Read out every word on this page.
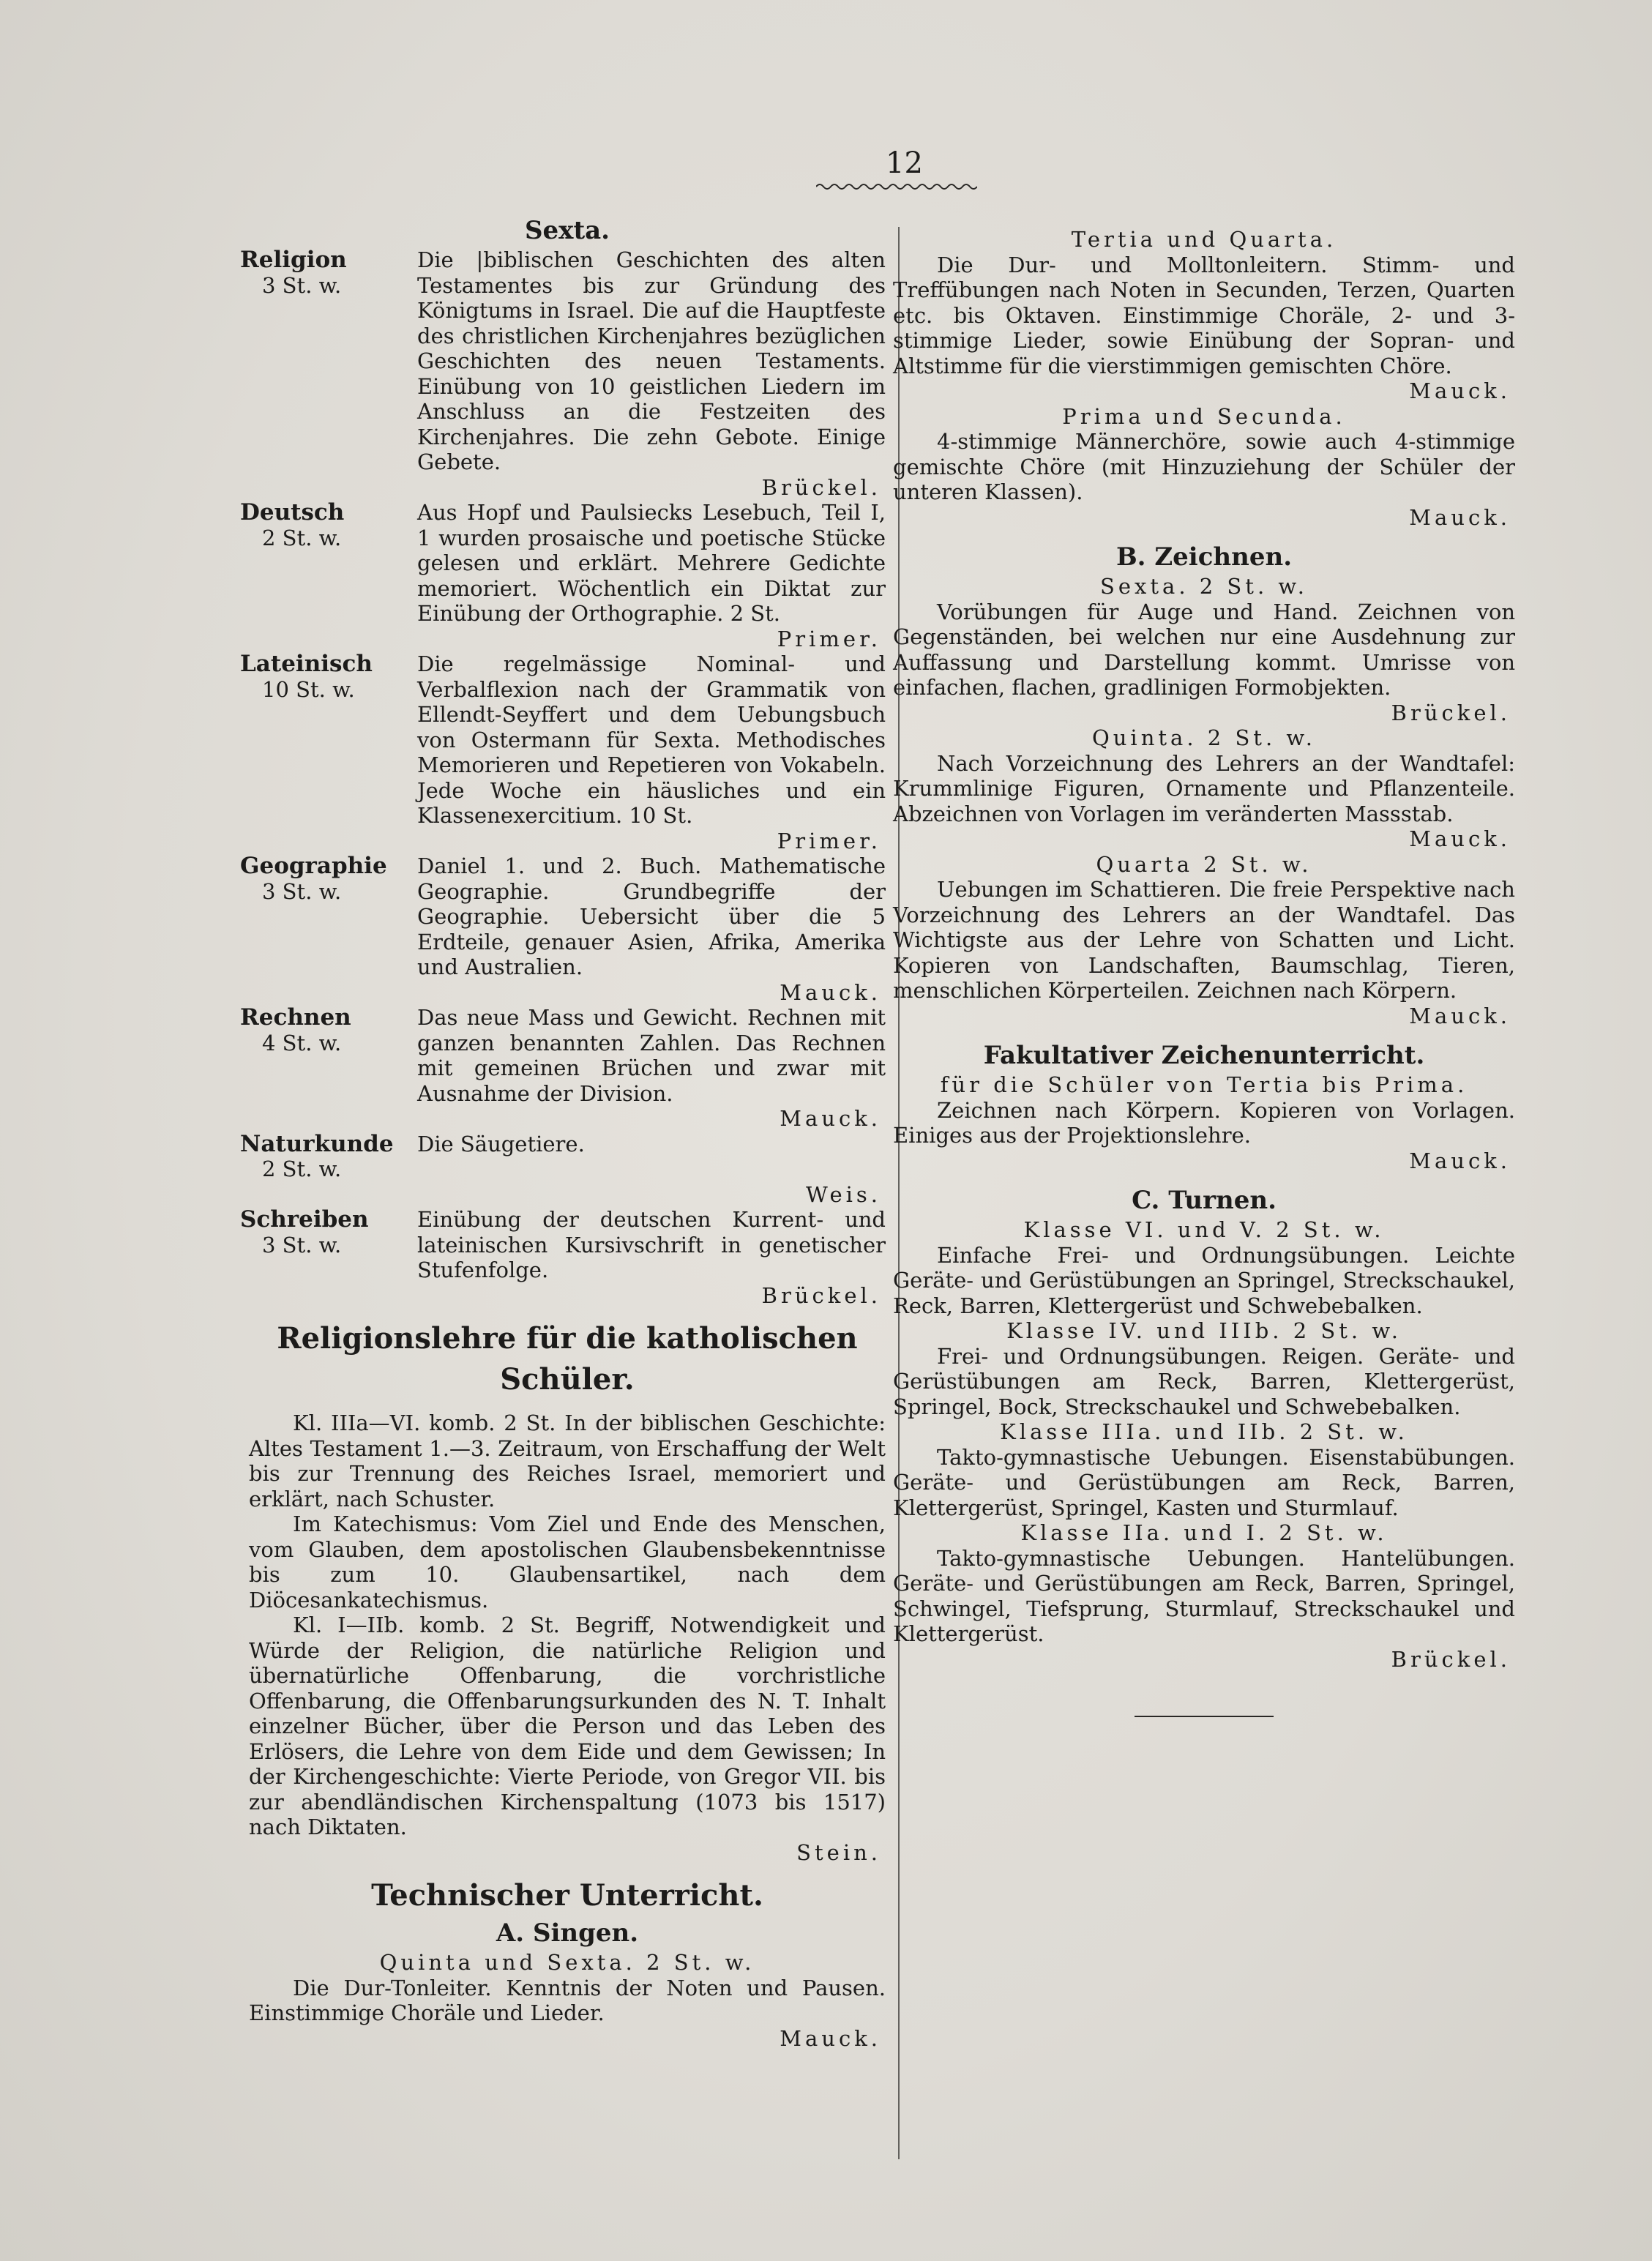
12
Sexta.
Religion
3 St. w.
Die |biblischen Geschichten des alten Testamentes bis zur Gründung des Königtums in Israel. Die auf die Hauptfeste des christlichen Kirchenjahres bezüglichen Geschichten des neuen Testaments. Einübung von 10 geistlichen Liedern im Anschluss an die Festzeiten des Kirchenjahres. Die zehn Gebote. Einige Gebete.
Brückel.
Deutsch
2 St. w.
Aus Hopf und Paulsiecks Lesebuch, Teil I, 1 wurden prosaische und poetische Stücke gelesen und erklärt. Mehrere Gedichte memoriert. Wöchentlich ein Diktat zur Einübung der Orthographie. 2 St.
Primer.
Lateinisch
10 St. w.
Die regelmässige Nominal- und Verbalflexion nach der Grammatik von Ellendt-Seyffert und dem Uebungsbuch von Ostermann für Sexta. Methodisches Memorieren und Repetieren von Vokabeln. Jede Woche ein häusliches und ein Klassenexercitium. 10 St.
Primer.
Geographie
3 St. w.
Daniel 1. und 2. Buch. Mathematische Geographie. Grundbegriffe der Geographie. Uebersicht über die 5 Erdteile, genauer Asien, Afrika, Amerika und Australien.
Mauck.
Rechnen
4 St. w.
Das neue Mass und Gewicht. Rechnen mit ganzen benannten Zahlen. Das Rechnen mit gemeinen Brüchen und zwar mit Ausnahme der Division.
Mauck.
Naturkunde
2 St. w.
Die Säugetiere.
Weis.
Schreiben
3 St. w.
Einübung der deutschen Kurrent- und lateinischen Kursivschrift in genetischer Stufenfolge.
Brückel.
Religionslehre für die katholischen Schüler.
Kl. IIIa—VI. komb. 2 St. In der biblischen Geschichte: Altes Testament 1.—3. Zeitraum, von Erschaffung der Welt bis zur Trennung des Reiches Israel, memoriert und erklärt, nach Schuster.
Im Katechismus: Vom Ziel und Ende des Menschen, vom Glauben, dem apostolischen Glaubensbekenntnisse bis zum 10. Glaubensartikel, nach dem Diöcesankatechismus.
Kl. I—IIb. komb. 2 St. Begriff, Notwendigkeit und Würde der Religion, die natürliche Religion und übernatürliche Offenbarung, die vorchristliche Offenbarung, die Offenbarungsurkunden des N. T. Inhalt einzelner Bücher, über die Person und das Leben des Erlösers, die Lehre von dem Eide und dem Gewissen; In der Kirchengeschichte: Vierte Periode, von Gregor VII. bis zur abendländischen Kirchenspaltung (1073 bis 1517) nach Diktaten.
Stein.
Technischer Unterricht.
A. Singen.
Quinta und Sexta. 2 St. w.
Die Dur-Tonleiter. Kenntnis der Noten und Pausen. Einstimmige Choräle und Lieder.
Mauck.
Tertia und Quarta.
Die Dur- und Molltonleitern. Stimm- und Treffübungen nach Noten in Secunden, Terzen, Quarten etc. bis Oktaven. Einstimmige Choräle, 2- und 3-stimmige Lieder, sowie Einübung der Sopran- und Altstimme für die vierstimmigen gemischten Chöre.
Mauck.
Prima und Secunda.
4-stimmige Männerchöre, sowie auch 4-stimmige gemischte Chöre (mit Hinzuziehung der Schüler der unteren Klassen).
Mauck.
B. Zeichnen.
Sexta. 2 St. w.
Vorübungen für Auge und Hand. Zeichnen von Gegenständen, bei welchen nur eine Ausdehnung zur Auffassung und Darstellung kommt. Umrisse von einfachen, flachen, gradlinigen Formobjekten.
Brückel.
Quinta. 2 St. w.
Nach Vorzeichnung des Lehrers an der Wandtafel: Krummlinige Figuren, Ornamente und Pflanzenteile. Abzeichnen von Vorlagen im veränderten Massstab.
Mauck.
Quarta 2 St. w.
Uebungen im Schattieren. Die freie Perspektive nach Vorzeichnung des Lehrers an der Wandtafel. Das Wichtigste aus der Lehre von Schatten und Licht. Kopieren von Landschaften, Baumschlag, Tieren, menschlichen Körperteilen. Zeichnen nach Körpern.
Mauck.
Fakultativer Zeichenunterricht.
für die Schüler von Tertia bis Prima.
Zeichnen nach Körpern. Kopieren von Vorlagen. Einiges aus der Projektionslehre.
Mauck.
C. Turnen.
Klasse VI. und V. 2 St. w.
Einfache Frei- und Ordnungsübungen. Leichte Geräte- und Gerüstübungen an Springel, Streckschaukel, Reck, Barren, Klettergerüst und Schwebebalken.
Klasse IV. und IIIb. 2 St. w.
Frei- und Ordnungsübungen. Reigen. Geräte- und Gerüstübungen am Reck, Barren, Klettergerüst, Springel, Bock, Streckschaukel und Schwebebalken.
Klasse IIIa. und IIb. 2 St. w.
Takto-gymnastische Uebungen. Eisenstabübungen. Geräte- und Gerüstübungen am Reck, Barren, Klettergerüst, Springel, Kasten und Sturmlauf.
Klasse IIa. und I. 2 St. w.
Takto-gymnastische Uebungen. Hantelübungen. Geräte- und Gerüstübungen am Reck, Barren, Springel, Schwingel, Tiefsprung, Sturmlauf, Streckschaukel und Klettergerüst.
Brückel.
